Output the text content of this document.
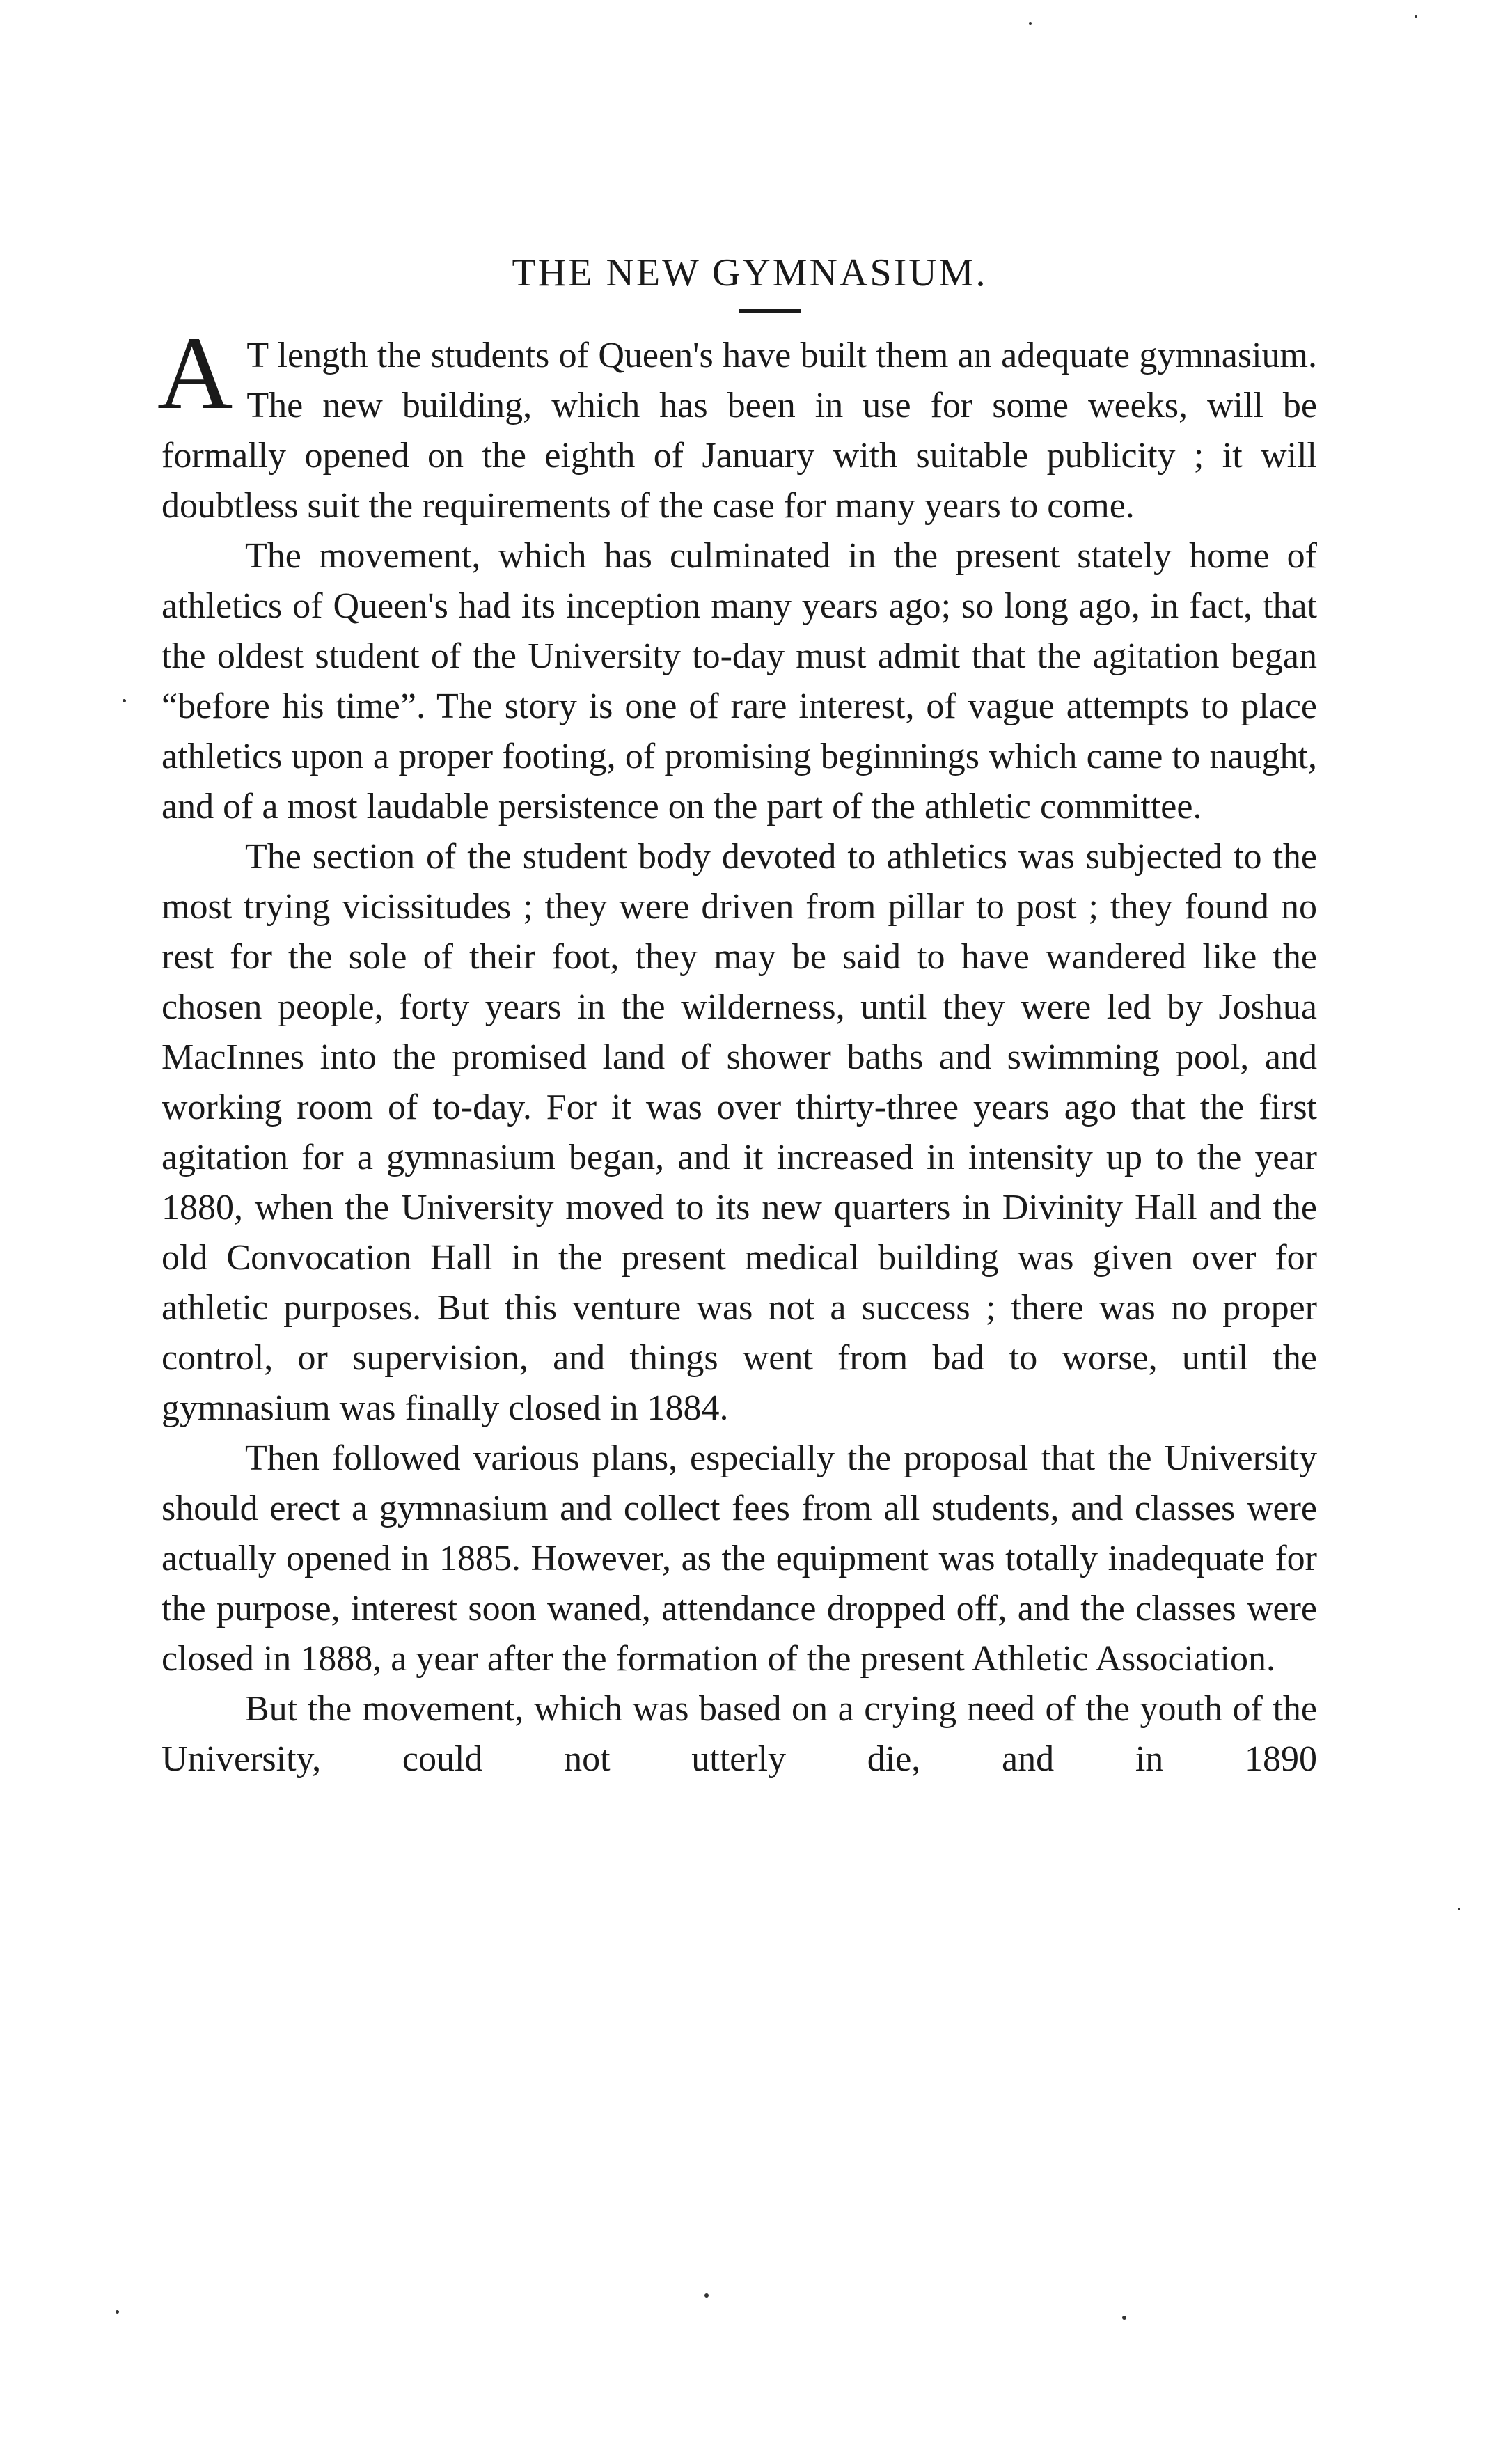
THE NEW GYMNASIUM.

A T length the students of Queen's have built them an adequate gymnasium. The new building, which has been in use for some weeks, will be formally opened on the eighth of January with suitable publicity ; it will doubtless suit the requirements of the case for many years to come.

The movement, which has culminated in the present stately home of athletics of Queen's had its inception many years ago; so long ago, in fact, that the oldest student of the University to-day must admit that the agitation began “before his time”. The story is one of rare interest, of vague attempts to place athletics upon a proper footing, of promising beginnings which came to naught, and of a most laudable persistence on the part of the athletic committee.

The section of the student body devoted to athletics was subjected to the most trying vicissitudes ; they were driven from pillar to post ; they found no rest for the sole of their foot, they may be said to have wandered like the chosen people, forty years in the wilderness, until they were led by Joshua MacInnes into the promised land of shower baths and swimming pool, and working room of to-day. For it was over thirty-three years ago that the first agitation for a gymnasium began, and it increased in intensity up to the year 1880, when the University moved to its new quarters in Divinity Hall and the old Convocation Hall in the present medical building was given over for athletic purposes. But this venture was not a success ; there was no proper control, or supervision, and things went from bad to worse, until the gymnasium was finally closed in 1884.

Then followed various plans, especially the proposal that the University should erect a gymnasium and collect fees from all students, and classes were actually opened in 1885. However, as the equipment was totally inadequate for the purpose, interest soon waned, attendance dropped off, and the classes were closed in 1888, a year after the formation of the present Athletic Association.

But the movement, which was based on a crying need of the youth of the University, could not utterly die, and in 1890
